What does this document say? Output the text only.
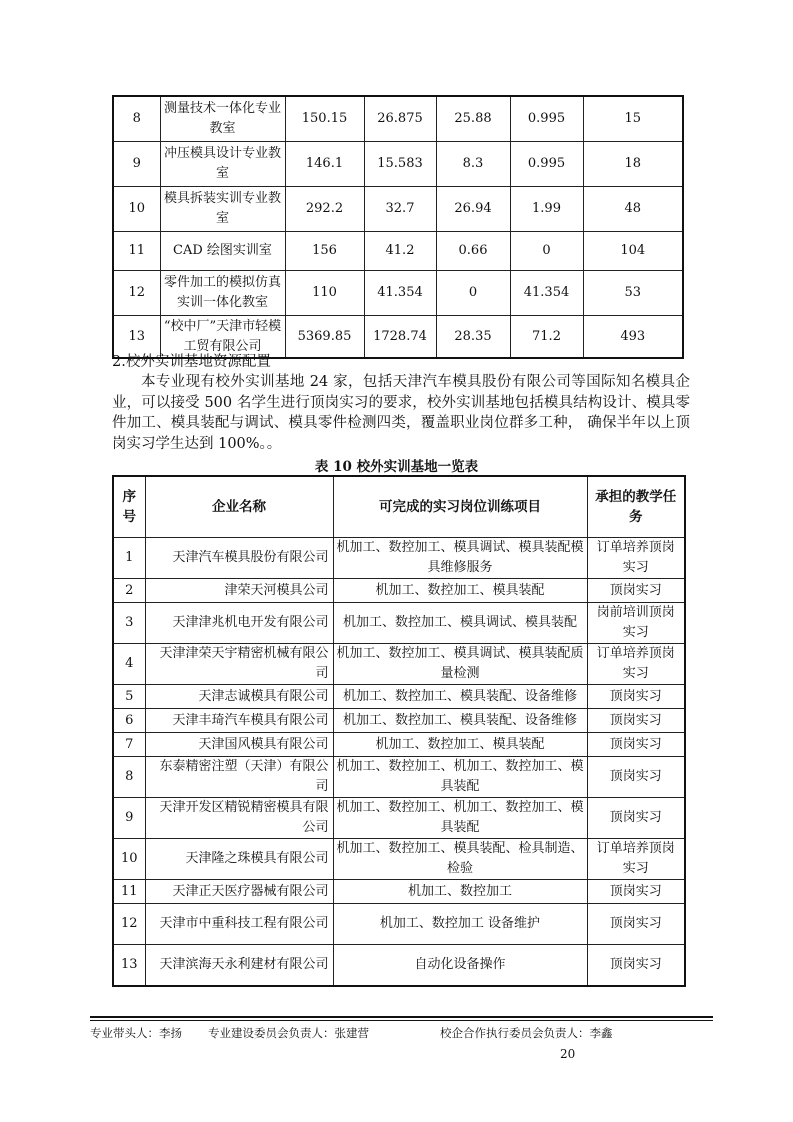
8	测量技术一体化专业教室	150.15	26.875	25.88	0.995	15
9	冲压模具设计专业教室	146.1	15.583	8.3	0.995	18
10	模具拆装实训专业教室	292.2	32.7	26.94	1.99	48
11	CAD 绘图实训室	156	41.2	0.66	0	104
12	零件加工的模拟仿真实训一体化教室	110	41.354	0	41.354	53
13	“校中厂”天津市轻模工贸有限公司	5369.85	1728.74	28.35	71.2	493
2.校外实训基地资源配置
本专业现有校外实训基地 24 家，包括天津汽车模具股份有限公司等国际知名模具企业，可以接受 500 名学生进行顶岗实习的要求，校外实训基地包括模具结构设计、模具零件加工、模具装配与调试、模具零件检测四类，覆盖职业岗位群多工种， 确保半年以上顶岗实习学生达到 100%。。
表 10 校外实训基地一览表
序号	企业名称	可完成的实习岗位训练项目	承担的教学任务
1	天津汽车模具股份有限公司	机加工、数控加工、模具调试、模具装配模具维修服务	订单培养顶岗实习
2	津荣天河模具公司	机加工、数控加工、模具装配	顶岗实习
3	天津津兆机电开发有限公司	机加工、数控加工、模具调试、模具装配	岗前培训顶岗实习
4	天津津荣天宇精密机械有限公司	机加工、数控加工、模具调试、模具装配质量检测	订单培养顶岗实习
5	天津志诚模具有限公司	机加工、数控加工、模具装配、设备维修	顶岗实习
6	天津丰琦汽车模具有限公司	机加工、数控加工、模具装配、设备维修	顶岗实习
7	天津国风模具有限公司	机加工、数控加工、模具装配	顶岗实习
8	东泰精密注塑（天津）有限公司	机加工、数控加工、机加工、数控加工、模具装配	顶岗实习
9	天津开发区精锐精密模具有限公司	机加工、数控加工、机加工、数控加工、模具装配	顶岗实习
10	天津隆之珠模具有限公司	机加工、数控加工、模具装配、检具制造、检验	订单培养顶岗实习
11	天津正天医疗器械有限公司	机加工、数控加工	顶岗实习
12	天津市中重科技工程有限公司	机加工、数控加工 设备维护	顶岗实习
13	天津滨海天永利建材有限公司	自动化设备操作	顶岗实习
专业带头人：李扬 专业建设委员会负责人：张建营	校企合作执行委员会负责人：李鑫
20
